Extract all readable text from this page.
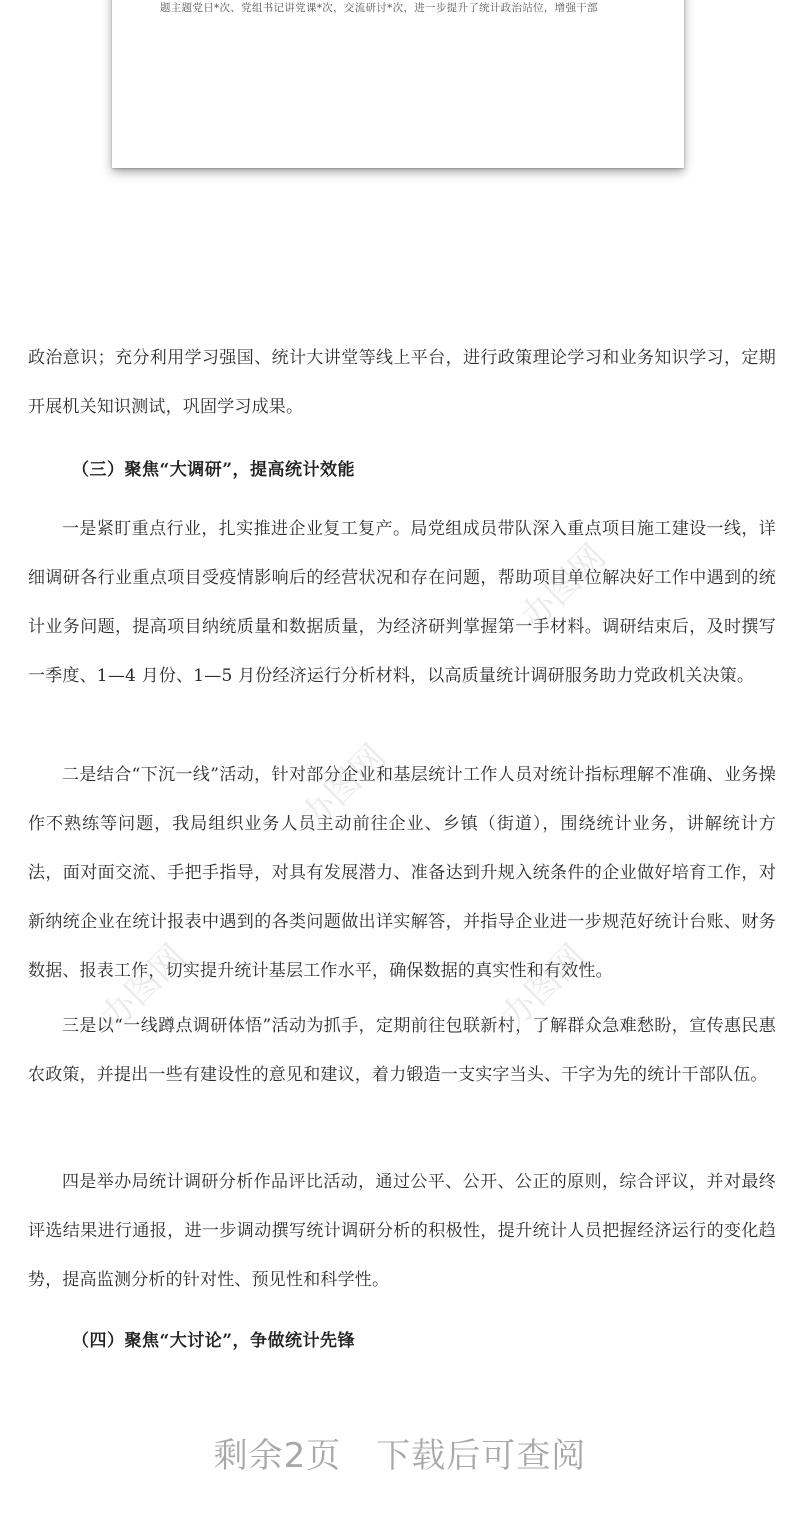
题主题党日*次、党组书记讲党课*次，交流研讨*次，进一步提升了统计政治站位，增强干部

政治意识；充分利用学习强国、统计大讲堂等线上平台，进行政策理论学习和业务知识学习，定期开展机关知识测试，巩固学习成果。

（三）聚焦“大调研”，提高统计效能

一是紧盯重点行业，扎实推进企业复工复产。局党组成员带队深入重点项目施工建设一线，详细调研各行业重点项目受疫情影响后的经营状况和存在问题，帮助项目单位解决好工作中遇到的统计业务问题，提高项目纳统质量和数据质量，为经济研判掌握第一手材料。调研结束后，及时撰写一季度、1—4 月份、1—5 月份经济运行分析材料，以高质量统计调研服务助力党政机关决策。

二是结合“下沉一线”活动，针对部分企业和基层统计工作人员对统计指标理解不准确、业务操作不熟练等问题，我局组织业务人员主动前往企业、乡镇（街道），围绕统计业务，讲解统计方法，面对面交流、手把手指导，对具有发展潜力、准备达到升规入统条件的企业做好培育工作，对新纳统企业在统计报表中遇到的各类问题做出详实解答，并指导企业进一步规范好统计台账、财务数据、报表工作，切实提升统计基层工作水平，确保数据的真实性和有效性。

三是以“一线蹲点调研体悟”活动为抓手，定期前往包联新村，了解群众急难愁盼，宣传惠民惠农政策，并提出一些有建设性的意见和建议，着力锻造一支实字当头、干字为先的统计干部队伍。

四是举办局统计调研分析作品评比活动，通过公平、公开、公正的原则，综合评议，并对最终评选结果进行通报，进一步调动撰写统计调研分析的积极性，提升统计人员把握经济运行的变化趋势，提高监测分析的针对性、预见性和科学性。

（四）聚焦“大讨论”，争做统计先锋
办图网
办图网
办图网	办图网
剩余2页　下载后可查阅
